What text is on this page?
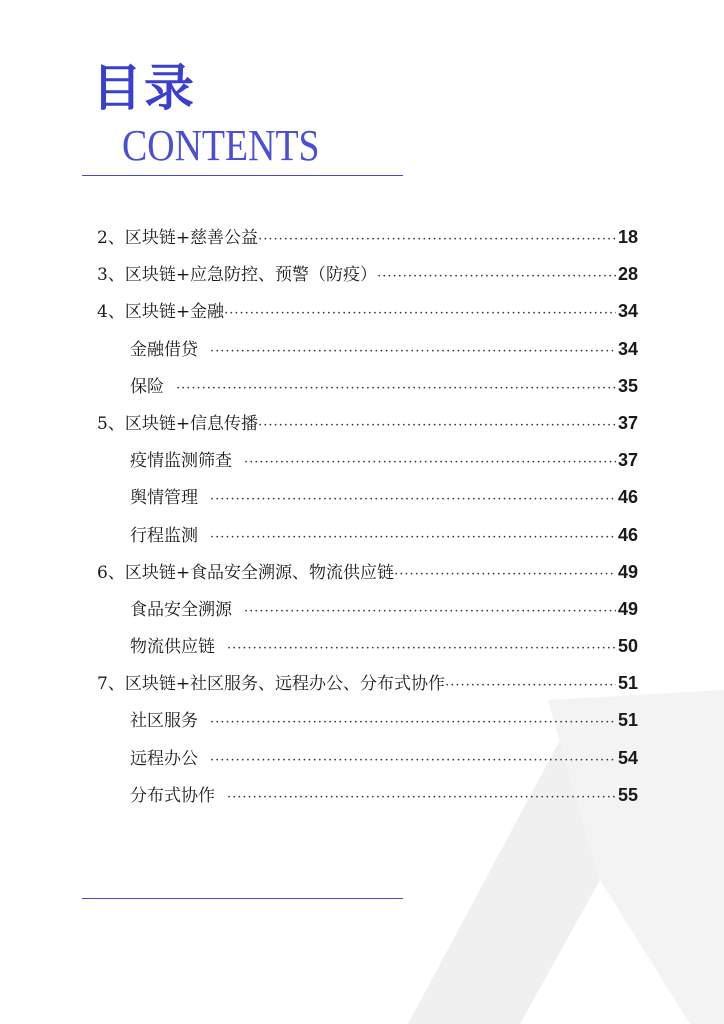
目录
CONTENTS
2、区块链+慈善公益 ·····	18
3、区块链+应急防控、预警（防疫） ·····	28
4、区块链+金融 ·····	34
金融借贷 ·····	34
保险 ·····	35
5、区块链+信息传播 ·····	37
疫情监测筛查 ·····	37
舆情管理 ·····	46
行程监测 ·····	46
6、区块链+食品安全溯源、物流供应链 ·····	49
食品安全溯源 ·····	49
物流供应链 ·····	50
7、区块链+社区服务、远程办公、分布式协作 ·····	51
社区服务 ·····	51
远程办公 ·····	54
分布式协作 ·····	55
